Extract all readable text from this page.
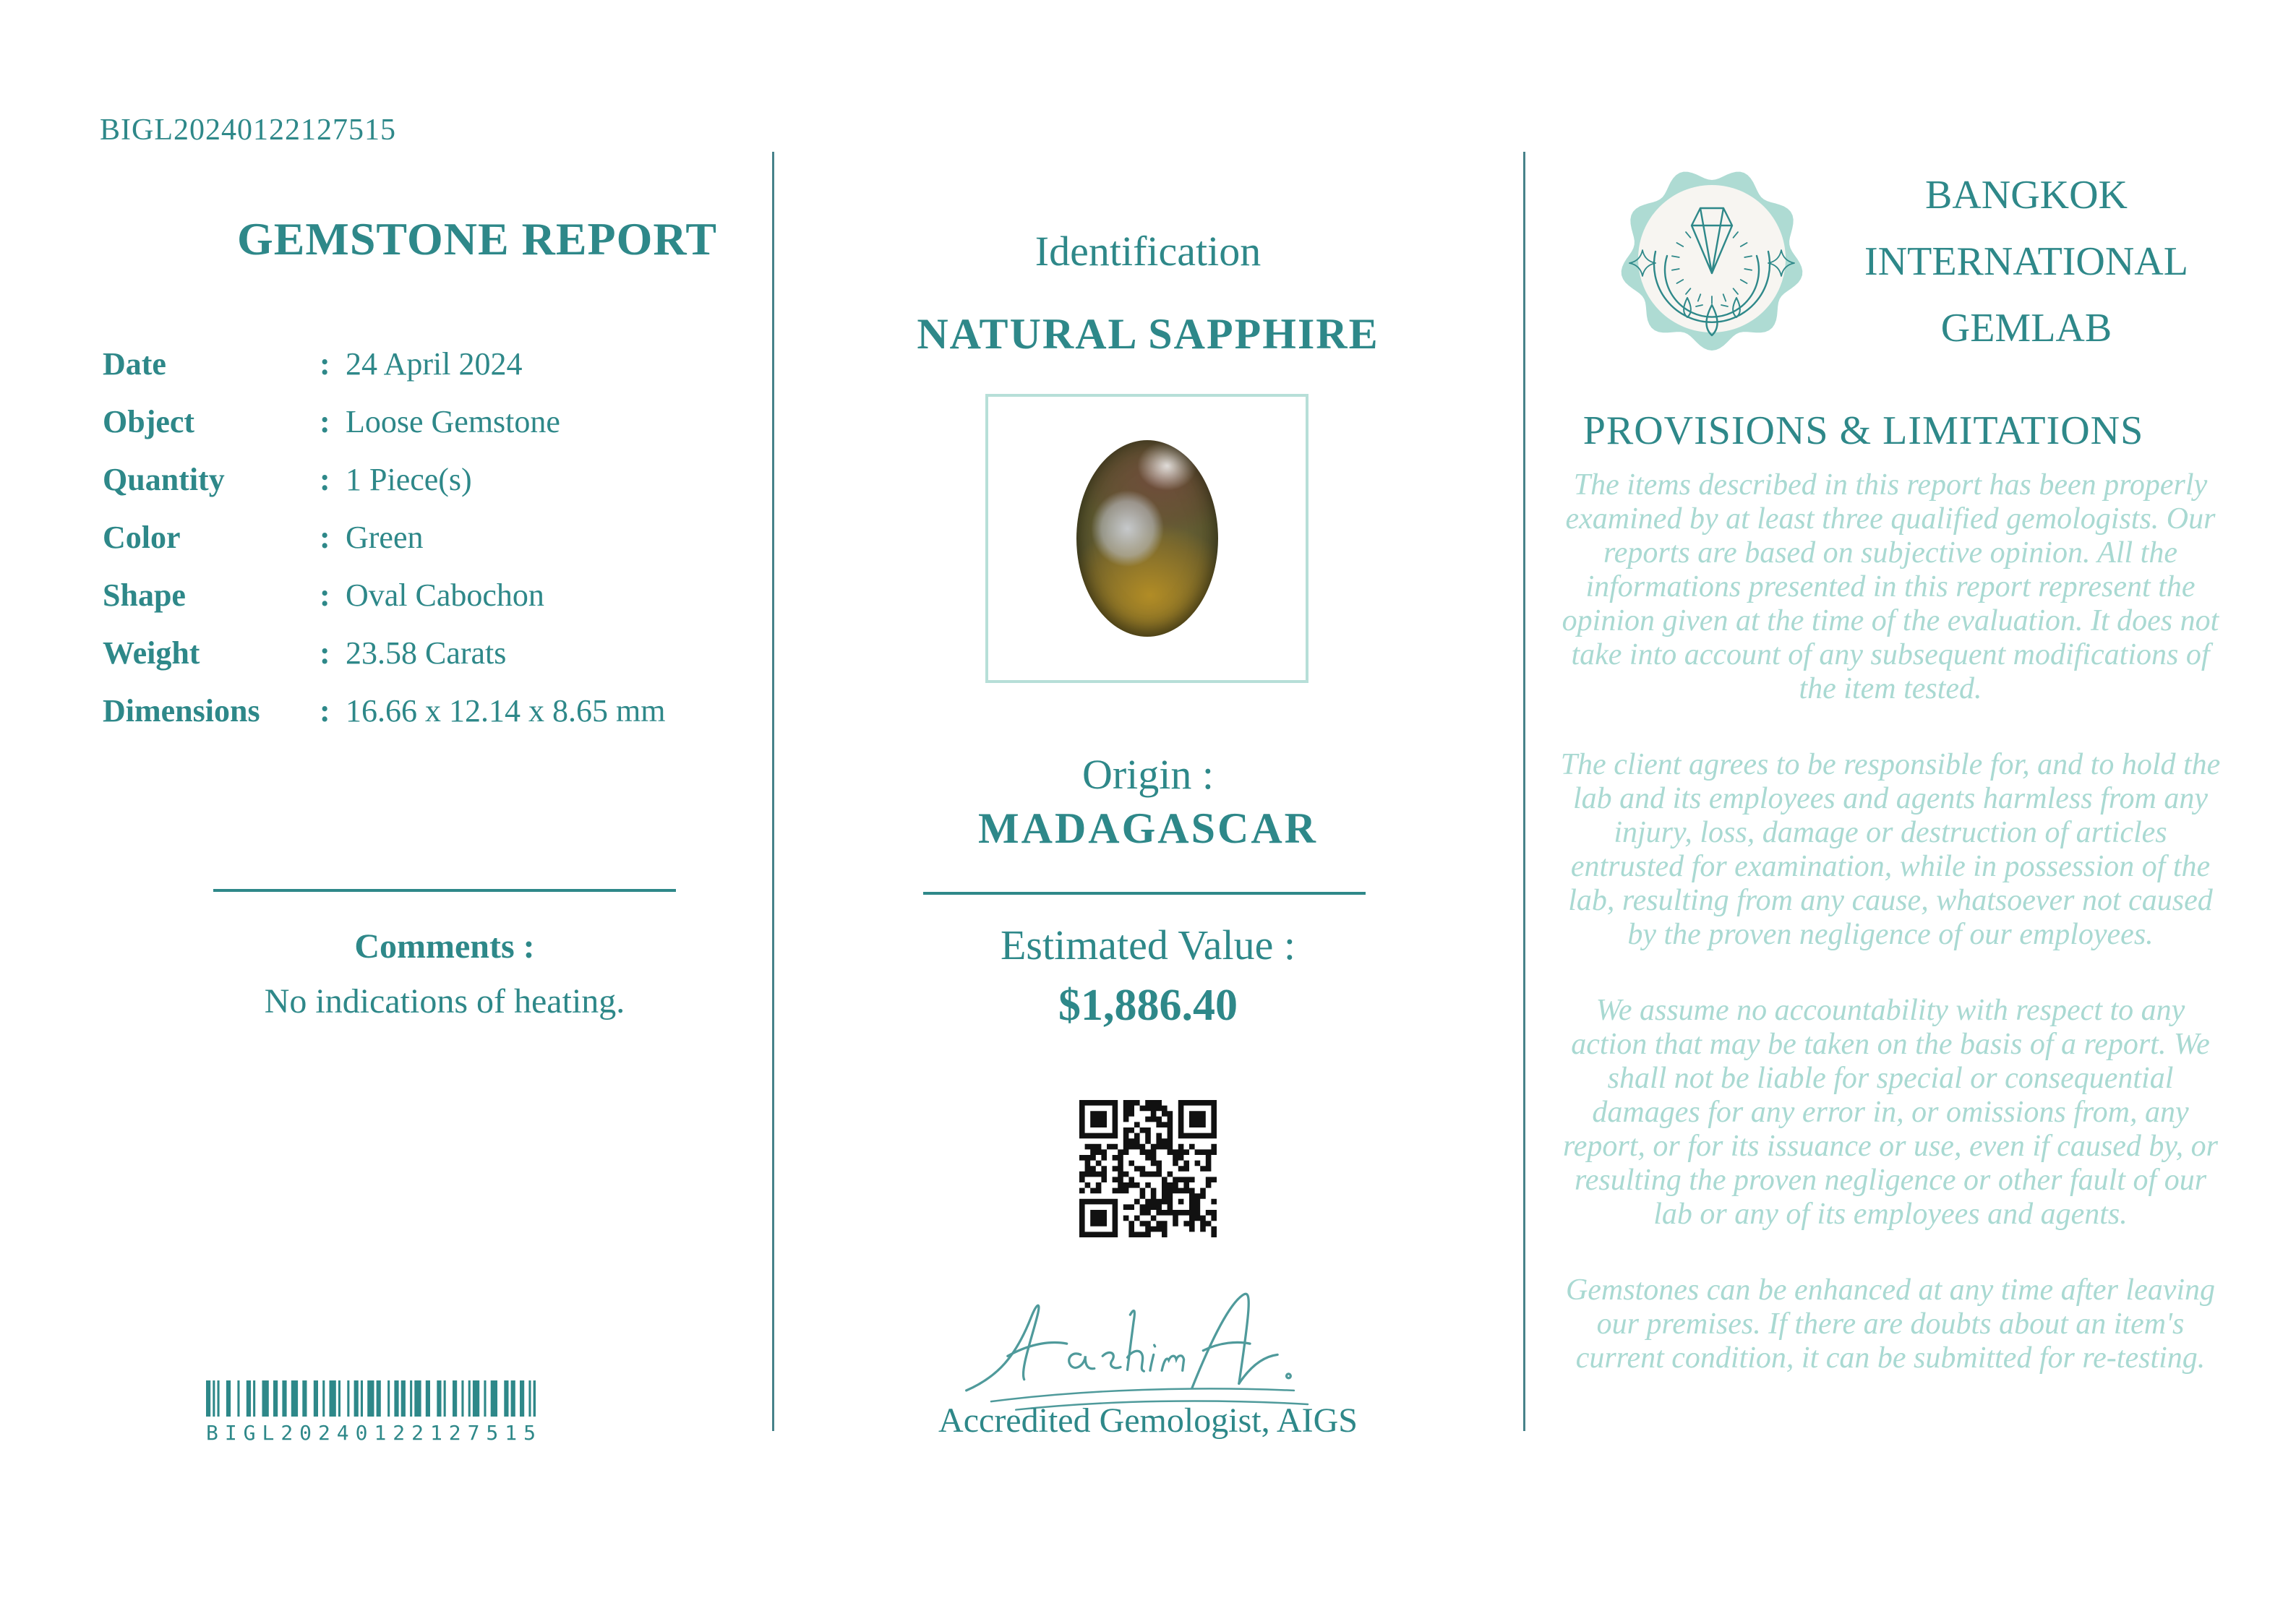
BIGL20240122127515
GEMSTONE REPORT
Date	: 24 April 2024
Object	: Loose Gemstone
Quantity	: 1 Piece(s)
Color	: Green
Shape	: Oval Cabochon
Weight	: 23.58 Carats
Dimensions	: 16.66 x 12.14 x 8.65 mm
Comments :
No indications of heating.
B I G L 2 0 2 4 0 1 2 2 1 2 7 5 1 5
Identification
NATURAL SAPPHIRE
Origin :
MADAGASCAR
Estimated Value :
$1,886.40
Accredited Gemologist, AIGS
BANGKOK
INTERNATIONAL
GEMLAB
PROVISIONS & LIMITATIONS

The items described in this report has been properly examined by at least three qualified gemologists. Our reports are based on subjective opinion. All the informations presented in this report represent the opinion given at the time of the evaluation. It does not take into account of any subsequent modifications of the item tested.

The client agrees to be responsible for, and to hold the lab and its employees and agents harmless from any injury, loss, damage or destruction of articles entrusted for examination, while in possession of the lab, resulting from any cause, whatsoever not caused by the proven negligence of our employees.

We assume no accountability with respect to any action that may be taken on the basis of a report. We shall not be liable for special or consequential damages for any error in, or omissions from, any report, or for its issuance or use, even if caused by, or resulting the proven negligence or other fault of our lab or any of its employees and agents.

Gemstones can be enhanced at any time after leaving our premises. If there are doubts about an item's current condition, it can be submitted for re-testing.
